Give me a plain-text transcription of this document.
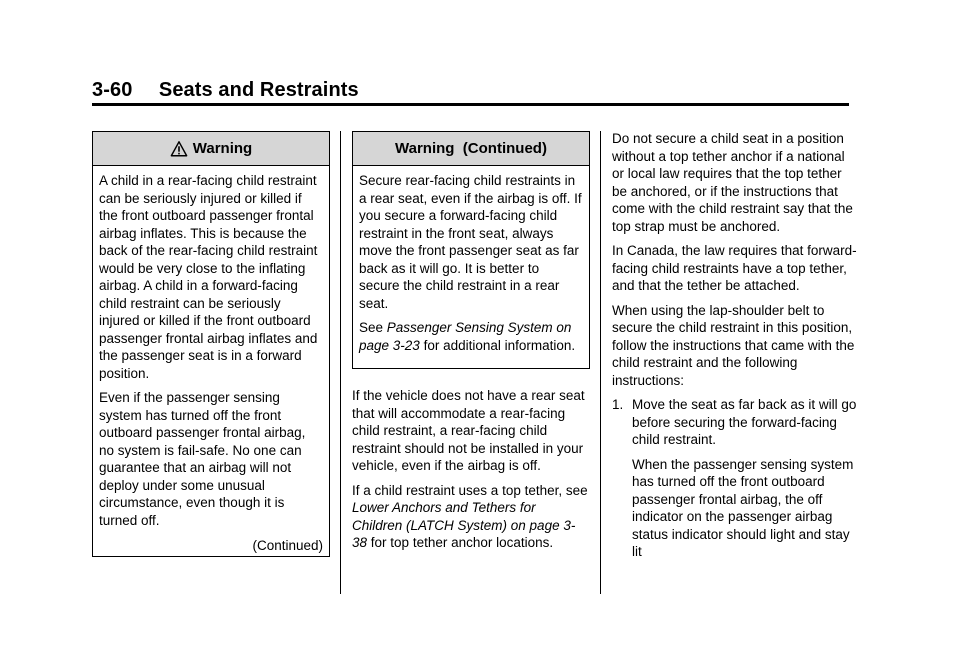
3-60 Seats and Restraints
Warning

A child in a rear-facing child restraint can be seriously injured or killed if the front outboard passenger frontal airbag inflates. This is because the back of the rear-facing child restraint would be very close to the inflating airbag. A child in a forward-facing child restraint can be seriously injured or killed if the front outboard passenger frontal airbag inflates and the passenger seat is in a forward position.

Even if the passenger sensing system has turned off the front outboard passenger frontal airbag, no system is fail-safe. No one can guarantee that an airbag will not deploy under some unusual circumstance, even though it is turned off.

(Continued)
Warning  (Continued)

Secure rear-facing child restraints in a rear seat, even if the airbag is off. If you secure a forward-facing child restraint in the front seat, always move the front passenger seat as far back as it will go. It is better to secure the child restraint in a rear seat.

See Passenger Sensing System on page 3-23 for additional information.

If the vehicle does not have a rear seat that will accommodate a rear-facing child restraint, a rear-facing child restraint should not be installed in your vehicle, even if the airbag is off.

If a child restraint uses a top tether, see Lower Anchors and Tethers for Children (LATCH System) on page 3-38 for top tether anchor locations.

Do not secure a child seat in a position without a top tether anchor if a national or local law requires that the top tether be anchored, or if the instructions that come with the child restraint say that the top strap must be anchored.

In Canada, the law requires that forward-facing child restraints have a top tether, and that the tether be attached.

When using the lap-shoulder belt to secure the child restraint in this position, follow the instructions that came with the child restraint and the following instructions:

1. Move the seat as far back as it will go before securing the forward-facing child restraint.

When the passenger sensing system has turned off the front outboard passenger frontal airbag, the off indicator on the passenger airbag status indicator should light and stay lit
